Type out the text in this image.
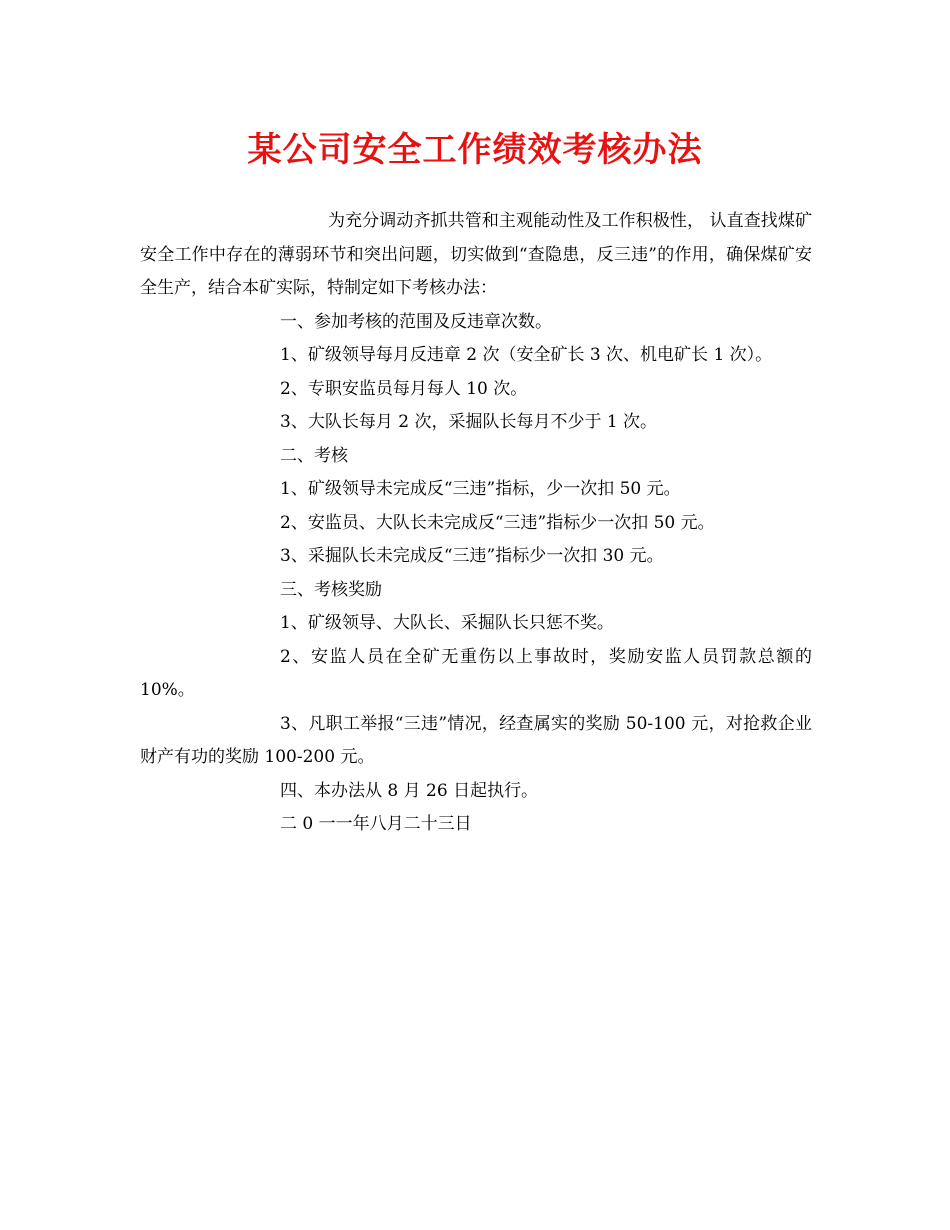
某公司安全工作绩效考核办法

为充分调动齐抓共管和主观能动性及工作积极性， 认直查找煤矿安全工作中存在的薄弱环节和突出问题，切实做到“查隐患，反三违”的作用，确保煤矿安全生产，结合本矿实际，特制定如下考核办法：

一、参加考核的范围及反违章次数。

1、矿级领导每月反违章 2 次（安全矿长 3 次、机电矿长 1 次）。

2、专职安监员每月每人 10 次。

3、大队长每月 2 次，采掘队长每月不少于 1 次。

二、考核

1、矿级领导未完成反“三违”指标，少一次扣 50 元。

2、安监员、大队长未完成反“三违”指标少一次扣 50 元。

3、采掘队长未完成反“三违”指标少一次扣 30 元。

三、考核奖励

1、矿级领导、大队长、采掘队长只惩不奖。

2、安监人员在全矿无重伤以上事故时，奖励安监人员罚款总额的 10%。

3、凡职工举报“三违”情况，经查属实的奖励 50-100 元，对抢救企业财产有功的奖励 100-200 元。

四、本办法从 8 月 26 日起执行。

二 0 一一年八月二十三日
